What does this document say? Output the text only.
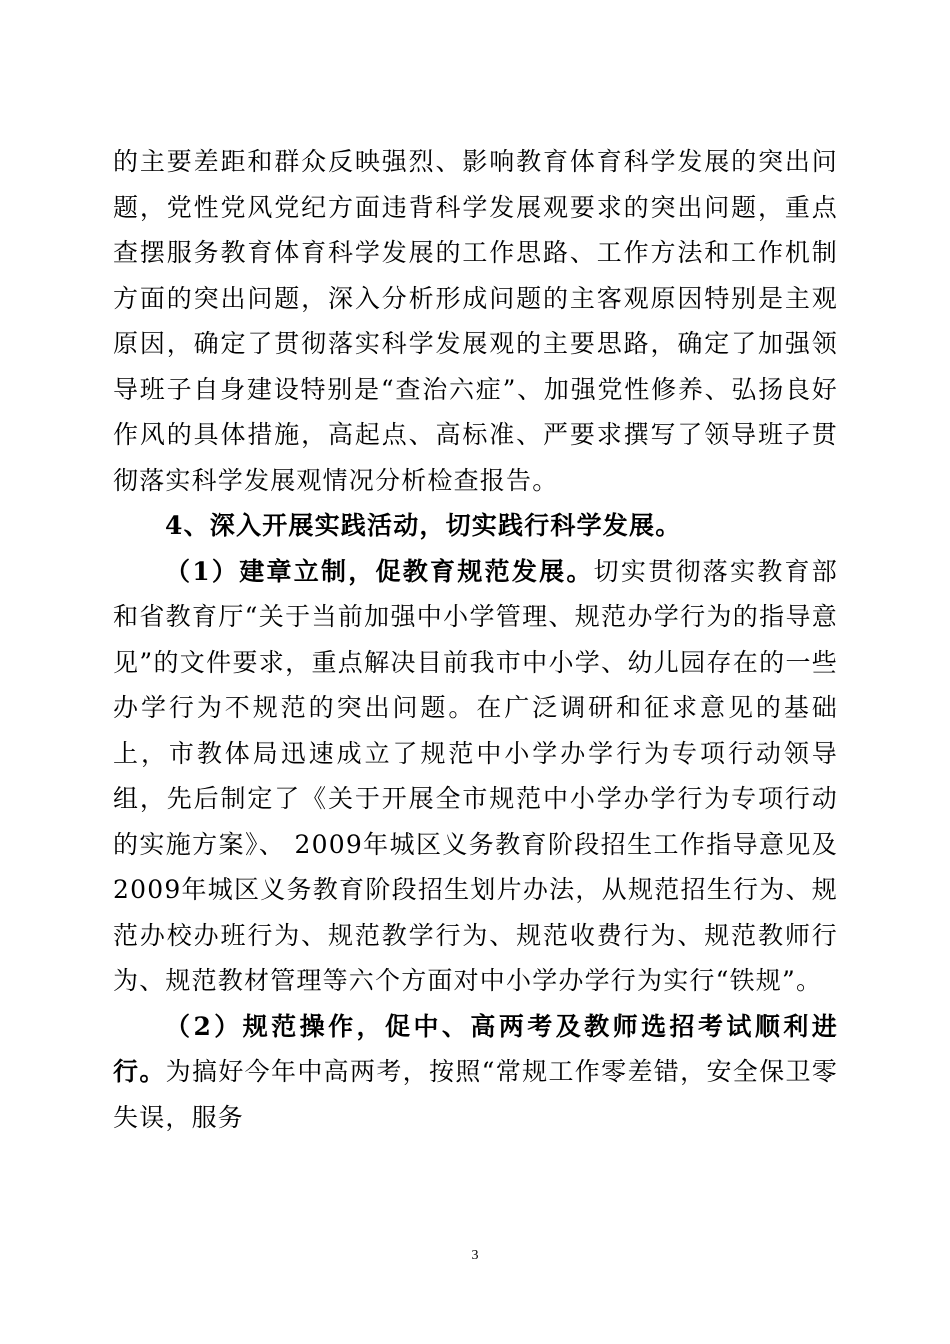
的主要差距和群众反映强烈、影响教育体育科学发展的突出问题，党性党风党纪方面违背科学发展观要求的突出问题，重点查摆服务教育体育科学发展的工作思路、工作方法和工作机制方面的突出问题，深入分析形成问题的主客观原因特别是主观原因，确定了贯彻落实科学发展观的主要思路，确定了加强领导班子自身建设特别是“查治六症”、加强党性修养、弘扬良好作风的具体措施，高起点、高标准、严要求撰写了领导班子贯彻落实科学发展观情况分析检查报告。

4、深入开展实践活动，切实践行科学发展。

（1）建章立制，促教育规范发展。切实贯彻落实教育部和省教育厅“关于当前加强中小学管理、规范办学行为的指导意见”的文件要求，重点解决目前我市中小学、幼儿园存在的一些办学行为不规范的突出问题。在广泛调研和征求意见的基础上，市教体局迅速成立了规范中小学办学行为专项行动领导组，先后制定了《关于开展全市规范中小学办学行为专项行动的实施方案》、 2009年城区义务教育阶段招生工作指导意见及2009年城区义务教育阶段招生划片办法，从规范招生行为、规范办校办班行为、规范教学行为、规范收费行为、规范教师行为、规范教材管理等六个方面对中小学办学行为实行“铁规”。

（2）规范操作，促中、高两考及教师选招考试顺利进行。为搞好今年中高两考，按照“常规工作零差错，安全保卫零失误，服务

3
